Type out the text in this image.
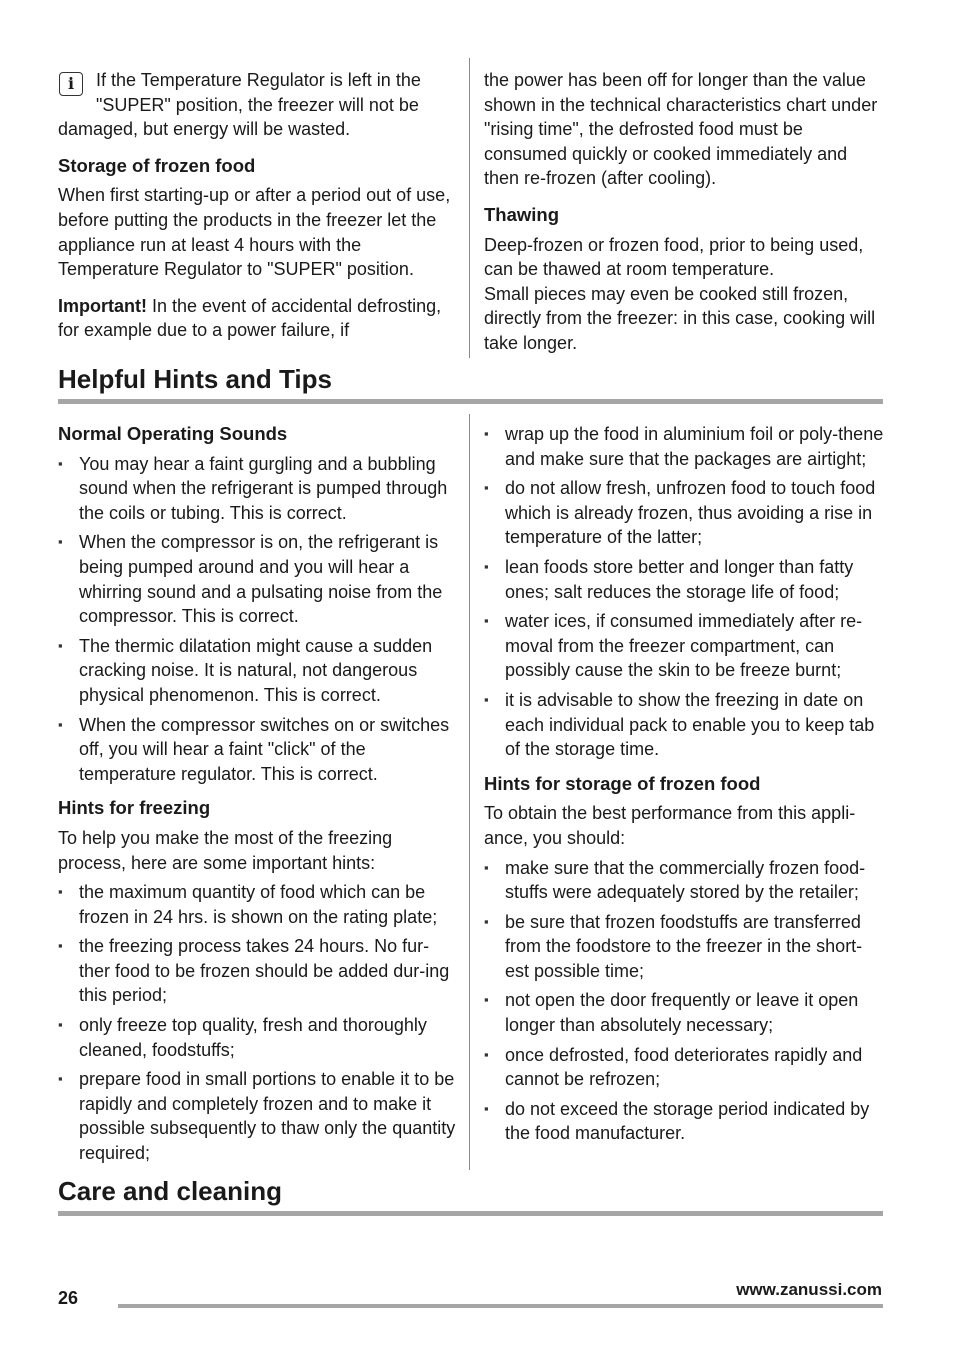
i	If the Temperature Regulator is left in the "SUPER" position, the freezer will not be damaged, but energy will be wasted.

Storage of frozen food

When first starting-up or after a period out of use, before putting the products in the freezer let the appliance run at least 4 hours with the Temperature Regulator to "SUPER" position.

Important! In the event of accidental defrosting, for example due to a power failure, if

the power has been off for longer than the value shown in the technical characteristics chart under "rising time", the defrosted food must be consumed quickly or cooked immediately and then re-frozen (after cooling).

Thawing

Deep-frozen or frozen food, prior to being used, can be thawed at room temperature.

Small pieces may even be cooked still frozen, directly from the freezer: in this case, cooking will take longer.

Helpful Hints and Tips
Normal Operating Sounds
▪ You may hear a faint gurgling and a bubbling sound when the refrigerant is pumped through the coils or tubing. This is correct.
▪ When the compressor is on, the refrigerant is being pumped around and you will hear a whirring sound and a pulsating noise from the compressor. This is correct.
▪ The thermic dilatation might cause a sudden cracking noise. It is natural, not dangerous physical phenomenon. This is correct.
▪ When the compressor switches on or switches off, you will hear a faint "click" of the temperature regulator. This is correct.
Hints for freezing

To help you make the most of the freezing process, here are some important hints:

▪ the maximum quantity of food which can be frozen in 24 hrs. is shown on the rating plate;
▪ the freezing process takes 24 hours. No fur-ther food to be frozen should be added dur-ing this period;
▪ only freeze top quality, fresh and thoroughly cleaned, foodstuffs;
▪ prepare food in small portions to enable it to be rapidly and completely frozen and to make it possible subsequently to thaw only the quantity required;
▪ wrap up the food in aluminium foil or poly-thene and make sure that the packages are airtight;
▪ do not allow fresh, unfrozen food to touch food which is already frozen, thus avoiding a rise in temperature of the latter;
▪ lean foods store better and longer than fatty ones; salt reduces the storage life of food;
▪ water ices, if consumed immediately after re-moval from the freezer compartment, can possibly cause the skin to be freeze burnt;
▪ it is advisable to show the freezing in date on each individual pack to enable you to keep tab of the storage time.
Hints for storage of frozen food

To obtain the best performance from this appli-ance, you should:

▪ make sure that the commercially frozen food-stuffs were adequately stored by the retailer;
▪ be sure that frozen foodstuffs are transferred from the foodstore to the freezer in the short-est possible time;
▪ not open the door frequently or leave it open longer than absolutely necessary;
▪ once defrosted, food deteriorates rapidly and cannot be refrozen;
▪ do not exceed the storage period indicated by the food manufacturer.
Care and cleaning
26	www.zanussi.com
